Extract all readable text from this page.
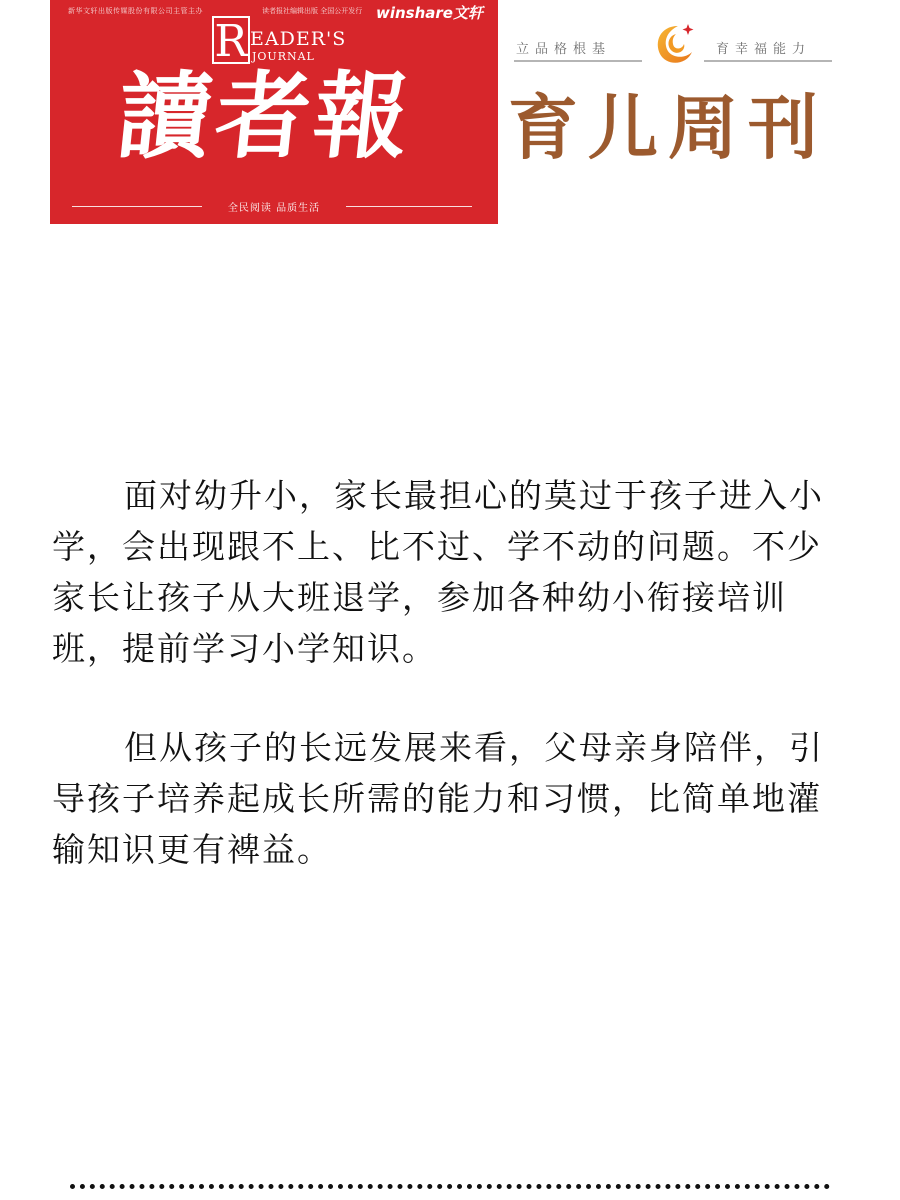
新华文轩出版传媒股份有限公司主管主办	读者报社编辑出版 全国公开发行 winshare文轩
R EADER'S
JOURNAL
讀者報
全民阅读 品质生活
立品格根基	育幸福能力
育儿周刊

面对幼升小，家长最担心的莫过于孩子进入小学，会出现跟不上、比不过、学不动的问题。不少家长让孩子从大班退学，参加各种幼小衔接培训班，提前学习小学知识。

但从孩子的长远发展来看，父母亲身陪伴，引导孩子培养起成长所需的能力和习惯，比简单地灌输知识更有裨益。
